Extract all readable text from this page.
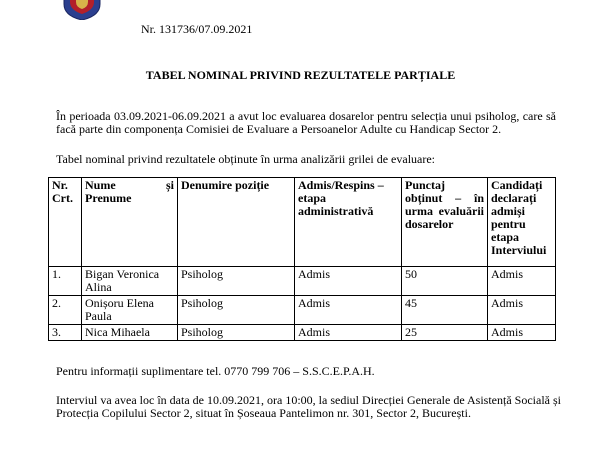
Nr. 131736/07.09.2021
TABEL NOMINAL PRIVIND REZULTATELE PARȚIALE
În perioada 03.09.2021-06.09.2021 a avut loc evaluarea dosarelor pentru selecția unui psiholog, care să facă parte din componența Comisiei de Evaluare a Persoanelor Adulte cu Handicap Sector 2.
Tabel nominal privind rezultatele obținute în urma analizării grilei de evaluare:
Nr. Crt.	Nume și Prenume	Denumire poziție	Admis/Respins – etapa administrativă	Punctaj obținut – în urma evaluării dosarelor	Candidați declarați admiși pentru etapa Interviului
1.	Bigan Veronica Alina	Psiholog	Admis	50	Admis
2.	Onișoru Elena Paula	Psiholog	Admis	45	Admis
3.	Nica Mihaela	Psiholog	Admis	25	Admis
Pentru informații suplimentare tel. 0770 799 706 – S.S.C.E.P.A.H.
Interviul va avea loc în data de 10.09.2021, ora 10:00, la sediul Direcției Generale de Asistență Socială și Protecția Copilului Sector 2, situat în Șoseaua Pantelimon nr. 301, Sector 2, București.
